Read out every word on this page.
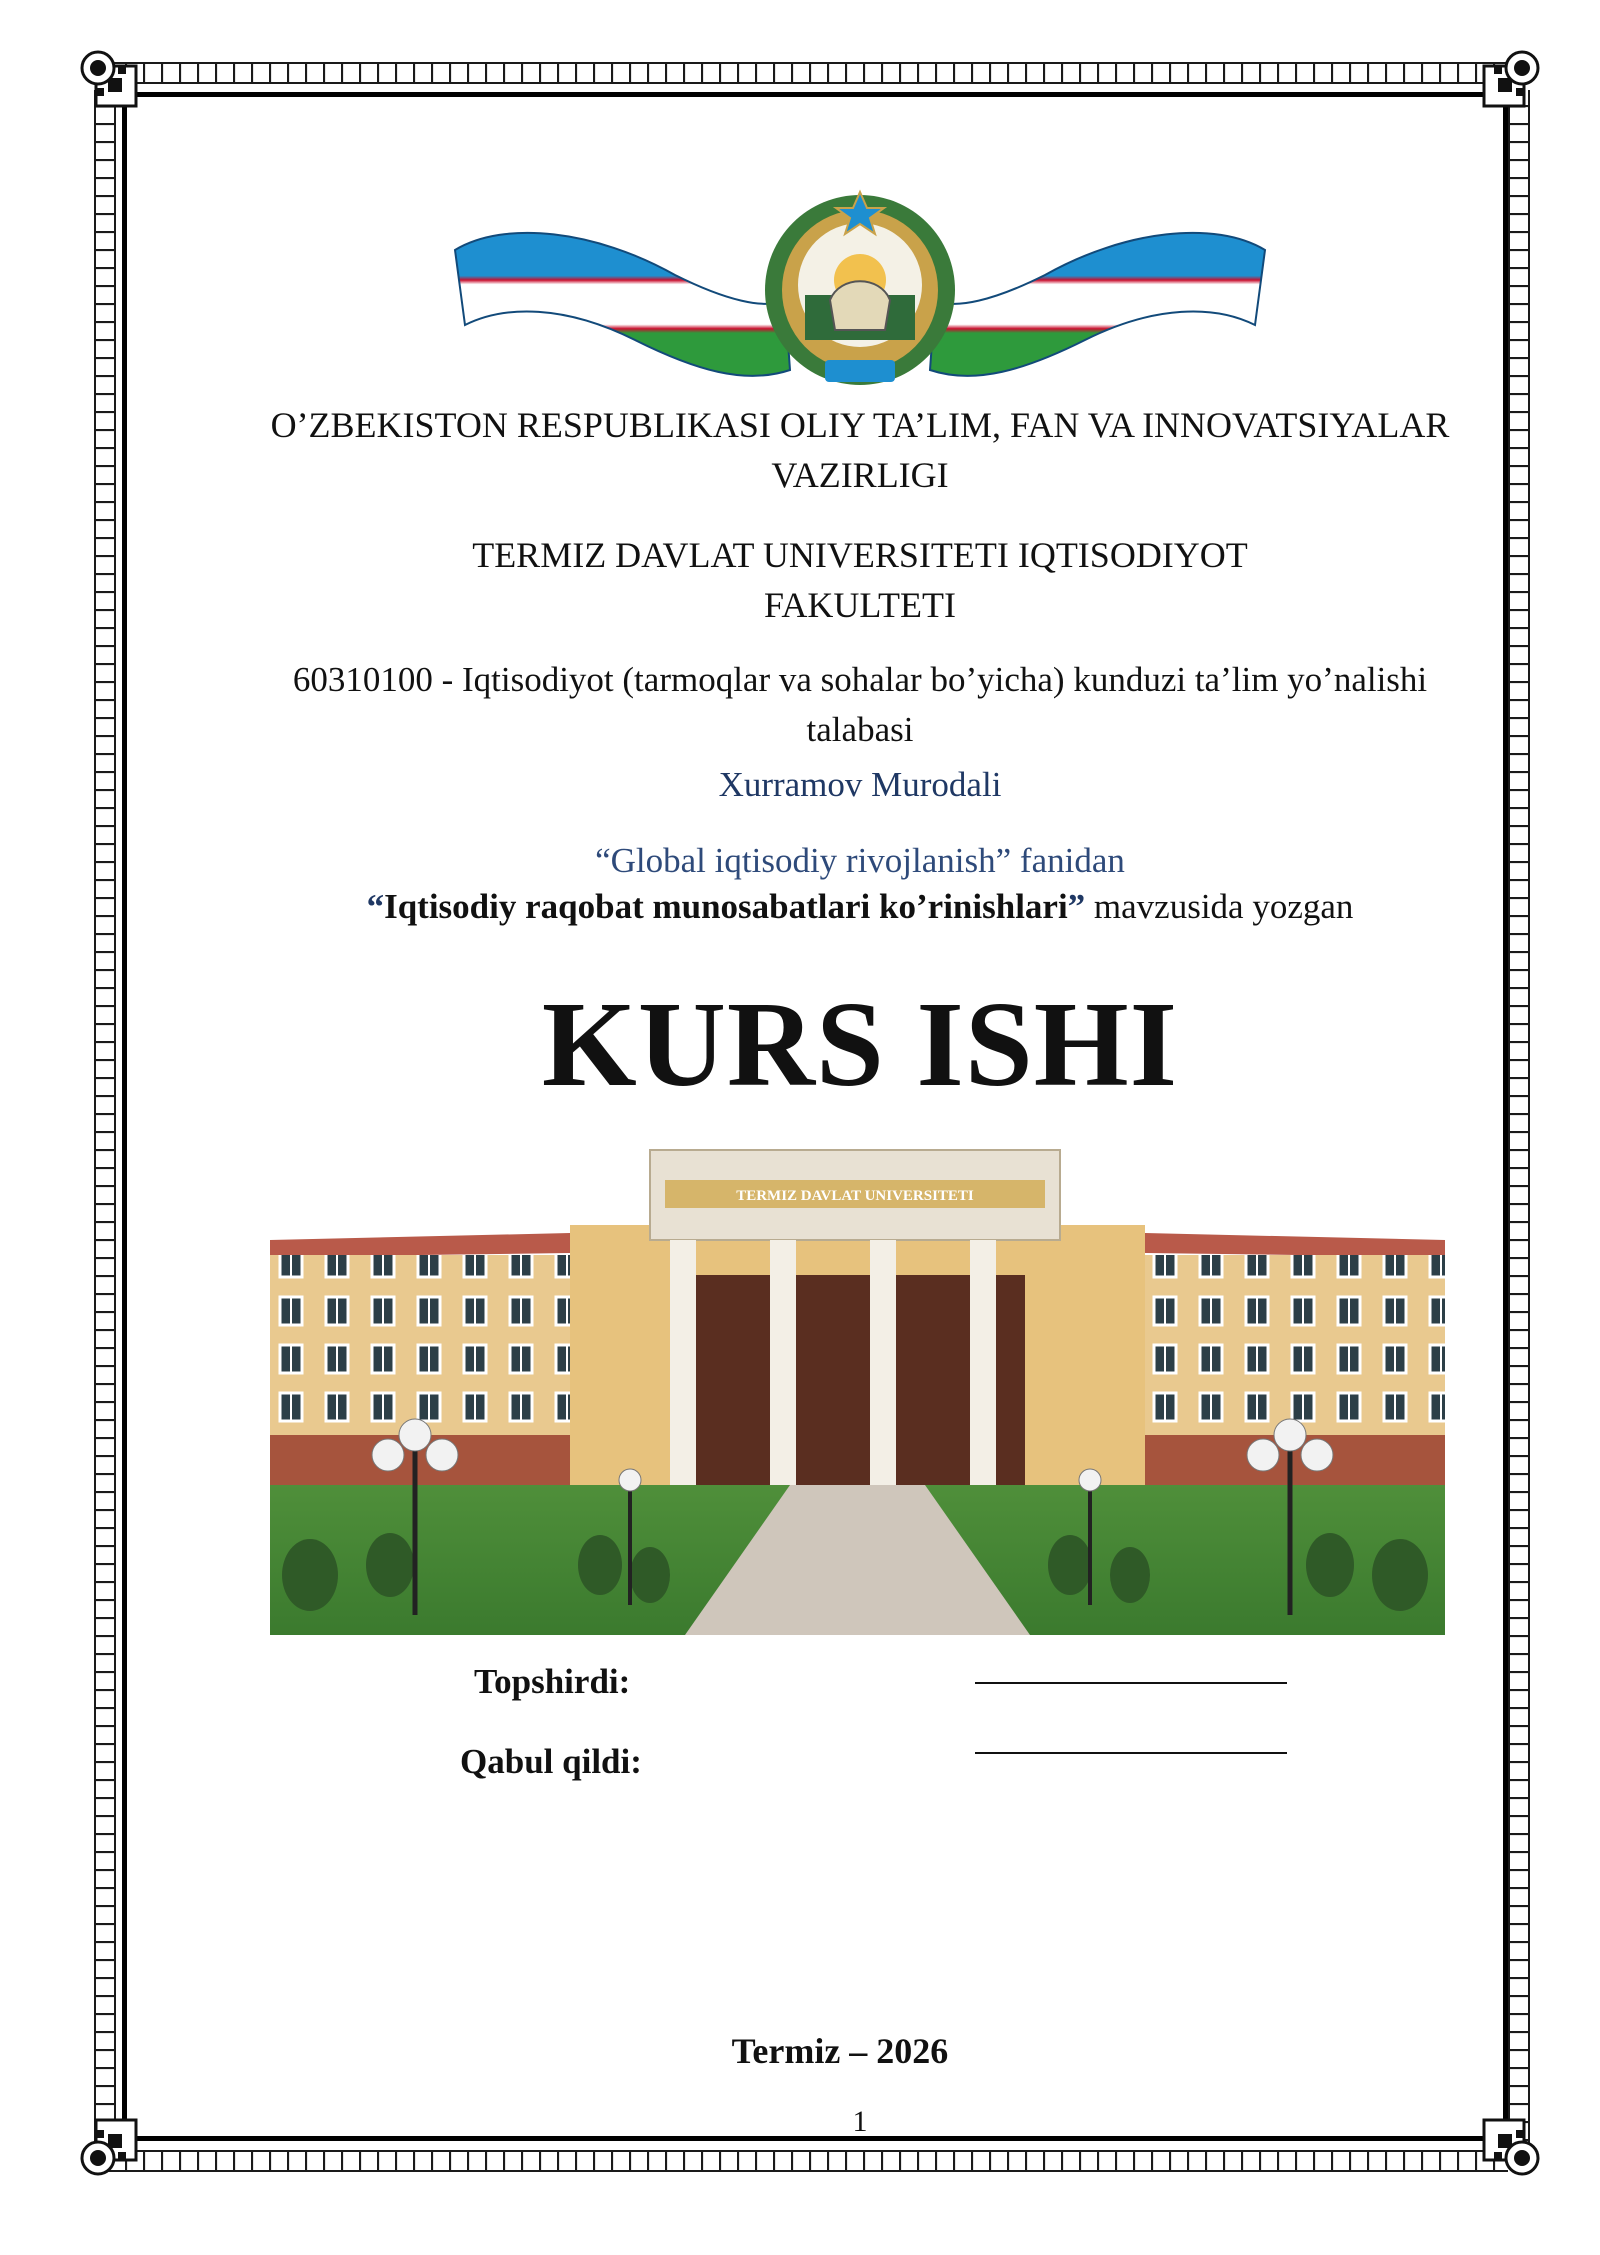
O’ZBEKISTON RESPUBLIKASI OLIY TA’LIM, FAN VA INNOVATSIYALAR VAZIRLIGI
TERMIZ DAVLAT UNIVERSITETI IQTISODIYOT FAKULTETI
60310100 - Iqtisodiyot (tarmoqlar va sohalar bo’yicha) kunduzi ta’lim yo’nalishi talabasi
Xurramov Murodali
“Global iqtisodiy rivojlanish” fanidan
“Iqtisodiy raqobat munosabatlari ko’rinishlari” mavzusida yozgan
KURS ISHI
TERMIZ DAVLAT UNIVERSITETI
Topshirdi:
Qabul qildi:
Termiz – 2026
1
